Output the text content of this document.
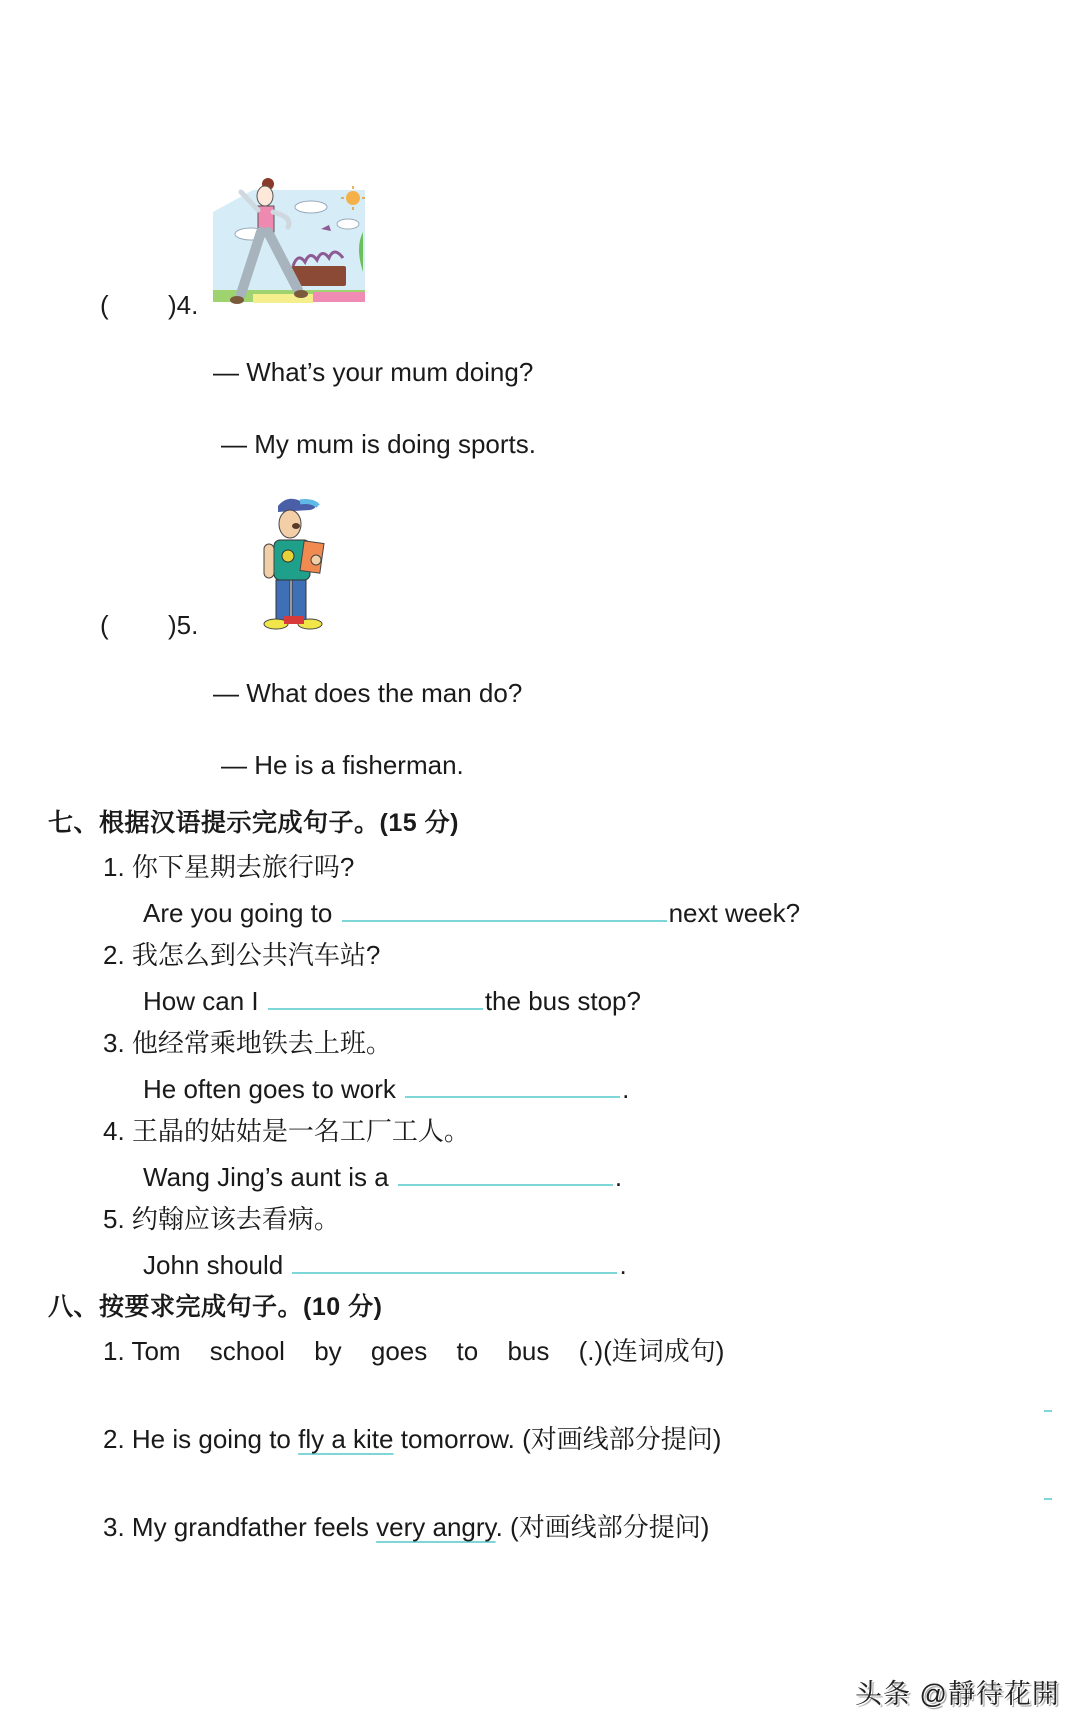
( )4.
— What’s your mum doing?
— My mum is doing sports.
( )5.
— What does the man do?
— He is a fisherman.
七、根据汉语提示完成句子。(15 分)
1. 你下星期去旅行吗?
Are you going to	next week?
2. 我怎么到公共汽车站?
How can I	the bus stop?
3. 他经常乘地铁去上班。
He often goes to work	.
4. 王晶的姑姑是一名工厂工人。
Wang Jing’s aunt is a	.
5. 约翰应该去看病。
John should	.
八、按要求完成句子。(10 分)
1. Tom school by goes to bus (.)(连词成句)
2. He is going to fly a kite tomorrow. (对画线部分提问)
3. My grandfather feels very angry. (对画线部分提问)
头条 @靜待花開
